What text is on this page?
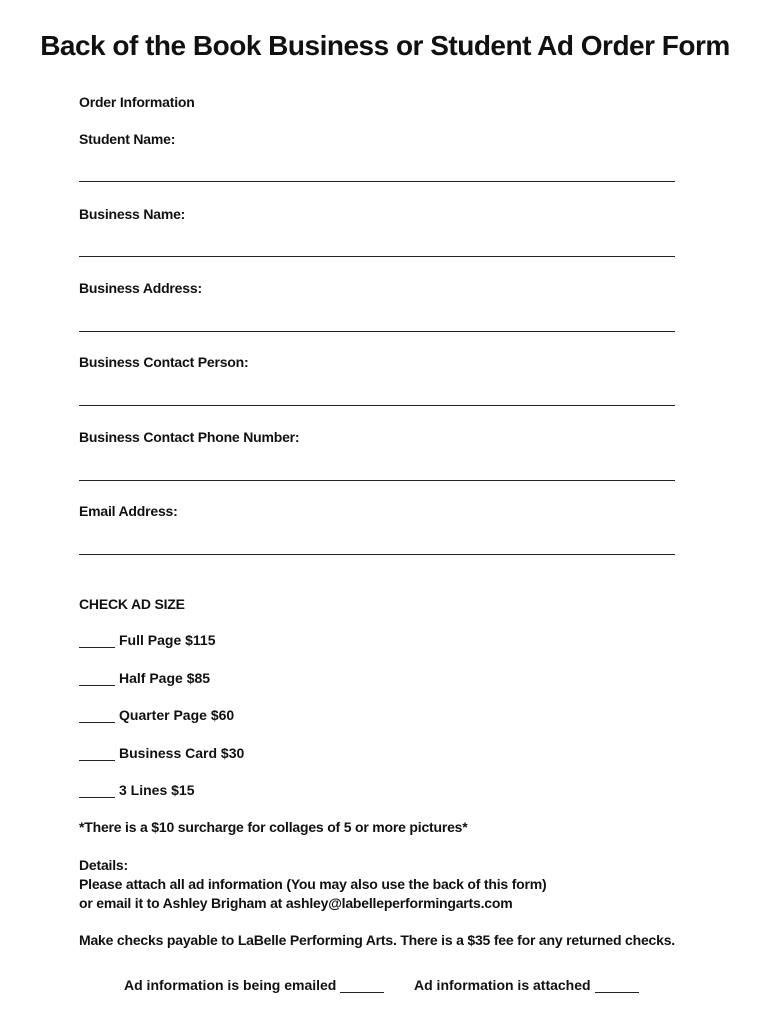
Back of the Book Business or Student Ad Order Form
Order Information
Student Name:
Business Name:
Business Address:
Business Contact Person:
Business Contact Phone Number:
Email Address:
CHECK AD SIZE
Full Page $115
Half Page $85
Quarter Page $60
Business Card $30
3 Lines $15
*There is a $10 surcharge for collages of 5 or more pictures*
Details:
Please attach all ad information (You may also use the back of this form)
or email it to Ashley Brigham at ashley@labelleperformingarts.com
Make checks payable to LaBelle Performing Arts. There is a $35 fee for any returned checks.
Ad information is being emailed	Ad information is attached
